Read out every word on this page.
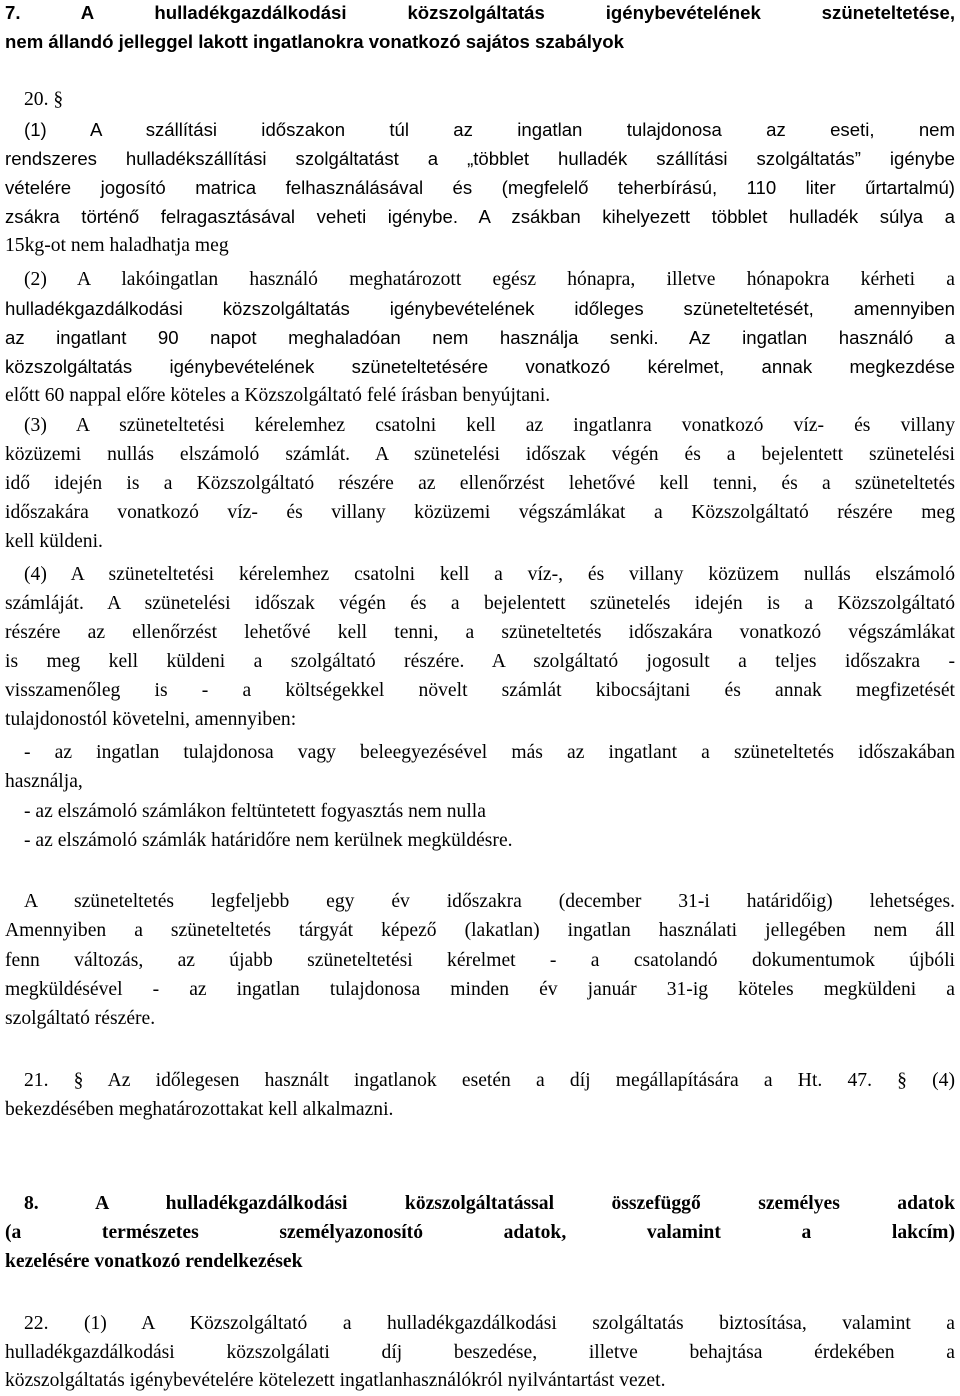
7. A hulladékgazdálkodási közszolgáltatás igénybevételének szüneteltetése,
nem állandó jelleggel lakott ingatlanokra vonatkozó sajátos szabályok
20. §
(1) A szállítási időszakon túl az ingatlan tulajdonosa az eseti, nem
rendszeres hulladékszállítási szolgáltatást a „többlet hulladék szállítási szolgáltatás” igénybe
vételére jogosító matrica felhasználásával és (megfelelő teherbírású, 110 liter űrtartalmú)
zsákra történő felragasztásával veheti igénybe. A zsákban kihelyezett többlet hulladék súlya a
15kg-ot nem haladhatja meg
(2) A lakóingatlan használó meghatározott egész hónapra, illetve hónapokra kérheti a
hulladékgazdálkodási közszolgáltatás igénybevételének időleges szüneteltetését, amennyiben
az ingatlant 90 napot meghaladóan nem használja senki. Az ingatlan használó a
közszolgáltatás igénybevételének szüneteltetésére vonatkozó kérelmet, annak megkezdése
előtt 60 nappal előre köteles a Közszolgáltató felé írásban benyújtani.
(3) A szüneteltetési kérelemhez csatolni kell az ingatlanra vonatkozó víz- és villany
közüzemi nullás elszámoló számlát. A szünetelési időszak végén és a bejelentett szünetelési
idő idején is a Közszolgáltató részére az ellenőrzést lehetővé kell tenni, és a szüneteltetés
időszakára vonatkozó víz- és villany közüzemi végszámlákat a Közszolgáltató részére meg
kell küldeni.
(4) A szüneteltetési kérelemhez csatolni kell a víz-, és villany közüzem nullás elszámoló
számláját. A szünetelési időszak végén és a bejelentett szünetelés idején is a Közszolgáltató
részére az ellenőrzést lehetővé kell tenni, a szüneteltetés időszakára vonatkozó végszámlákat
is meg kell küldeni a szolgáltató részére. A szolgáltató jogosult a teljes időszakra -
visszamenőleg is - a költségekkel növelt számlát kibocsájtani és annak megfizetését
tulajdonostól követelni, amennyiben:
- az ingatlan tulajdonosa vagy beleegyezésével más az ingatlant a szüneteltetés időszakában
használja,
- az elszámoló számlákon feltüntetett fogyasztás nem nulla
- az elszámoló számlák határidőre nem kerülnek megküldésre.
A szüneteltetés legfeljebb egy év időszakra (december 31-i határidőig) lehetséges.
Amennyiben a szüneteltetés tárgyát képező (lakatlan) ingatlan használati jellegében nem áll
fenn változás, az újabb szüneteltetési kérelmet - a csatolandó dokumentumok újbóli
megküldésével - az ingatlan tulajdonosa minden év január 31-ig köteles megküldeni a
szolgáltató részére.
21. § Az időlegesen használt ingatlanok esetén a díj megállapítására a Ht. 47. § (4)
bekezdésében meghatározottakat kell alkalmazni.
8. A hulladékgazdálkodási közszolgáltatással összefüggő személyes adatok
(a természetes személyazonosító adatok, valamint a lakcím)
kezelésére vonatkozó rendelkezések
22. (1) A Közszolgáltató a hulladékgazdálkodási szolgáltatás biztosítása, valamint a
hulladékgazdálkodási közszolgálati díj beszedése, illetve behajtása érdekében a
közszolgáltatás igénybevételére kötelezett ingatlanhasználókról nyilvántartást vezet.
